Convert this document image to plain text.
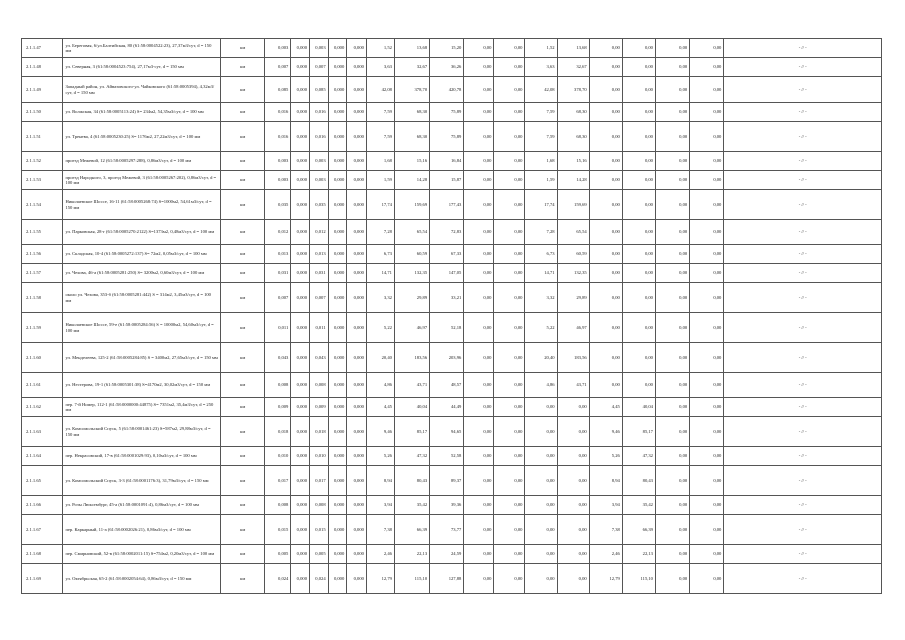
2.1.1.47	ул. Береговая, 6/ул.Балтийская, 80 (61:58:0004522:23), 27,37м3/сут, d = 150 мм	км	0,003	0,000	0,003	0,000	0,000	1,52	13,68	15,20	0,00	0,00	1,52	13,68	0,00	0,00	0,00	0,00	- // -
2.1.1.48	ул. Северная, 3 (61:58:0004523:754), 27,17м3-сут, d = 150 мм	км	0,007	0,000	0,007	0,000	0,000	3,63	32,67	36,26	0,00	0,00	3,63	32,67	0,00	0,00	0,00	0,00	- // -
2.1.1.49	Западный район, ул. Айвазовского-ул. Чайковского (61:58:0005394), 4,32м3/сут, d = 150 мм	км	0,085	0,000	0,085	0,000	0,000	42,08	378,70	420,78	0,00	0,00	42,08	378,70	0,00	0,00	0,00	0,00	- // -
2.1.1.50	ул. Волжская, 34 (61:58:0005113:24) S= 234м2, 54,35м3/сут, d = 100 мм	км	0,016	0,000	0,016	0,000	0,000	7,59	68,30	75,89	0,00	0,00	7,59	68,30	0,00	0,00	0,00	0,00	- // -
2.1.1.51	ул. Тренева, 4 (61:58:0005230:25) S= 1176м2, 27,22м3/сут, d = 100 мм	км	0,016	0,000	0,016	0,000	0,000	7,59	68,30	75,89	0,00	0,00	7,59	68,30	0,00	0,00	0,00	0,00	- // -
2.1.1.52	проезд Межевой, 12 (61:58:0005297:288), 0,86м3/сут, d = 100 мм	км	0,003	0,000	0,003	0,000	0,000	1,68	15,16	16,84	0,00	0,00	1,68	15,16	0,00	0,00	0,00	0,00	- // -
2.1.1.53	проезд Народного, 3, проезд Межевой, 3 (61:58:0005267:202), 0,86м3/сут, d = 100 мм	км	0,003	0,000	0,003	0,000	0,000	1,59	14,28	15,87	0,00	0,00	1,59	14,28	0,00	0,00	0,00	0,00	- // -
2.1.1.54	Николаевское Шоссе, 16-11 (61:58:0005268:74) S=1000м2, 54,61м3/сут, d = 150 мм	км	0,035	0,000	0,035	0,000	0,000	17,74	159,69	177,43	0,00	0,00	17,74	159,69	0,00	0,00	0,00	0,00	- // -
2.1.1.55	ул. Парковская, 28-г (61:58:0005270:2122) S=1373м2, 0,48м3/сут, d = 100 мм	км	0,012	0,000	0,012	0,000	0,000	7,28	65,54	72,83	0,00	0,00	7,28	65,54	0,00	0,00	0,00	0,00	- // -
2.1.1.56	ул. Складская, 10-4 (61:58:0005272:137) S= 72м2, 0,05м3/сут, d = 100 мм	км	0,013	0,000	0,013	0,000	0,000	6,73	60,59	67,33	0,00	0,00	6,73	60,59	0,00	0,00	0,00	0,00	- // -
2.1.1.57	ул. Чехова, 46-а (61:58:0005281:250) S= 3200м2, 0,60м3/сут, d = 100 мм	км	0,031	0,000	0,031	0,000	0,000	14,71	132,35	147,05	0,00	0,00	14,71	132,35	0,00	0,00	0,00	0,00	- // -
2.1.1.58	около ул. Чехова, 353-б (61:58:0005281:442) S = 314м2, 3,45м3/сут, d = 100 мм	км	0,007	0,000	0,007	0,000	0,000	3,32	29,89	33,21	0,00	0,00	3,32	29,89	0,00	0,00	0,00	0,00	- // -
2.1.1.59	Николаевское Шоссе, 59-е (61:58:0005284:56) S = 10000м2, 54,60м3/сут, d = 100 мм	км	0,011	0,000	0,011	0,000	0,000	5,22	46,97	52,18	0,00	0,00	5,22	46,97	0,00	0,00	0,00	0,00	- // -
2.1.1.60	ул. Менделеева, 125-2 (61:58:0005284:85) S = 3400м2, 27,65м3/сут, d = 150 мм	км	0,043	0,000	0,043	0,000	0,000	20,40	183,56	203,96	0,00	0,00	20,40	183,56	0,00	0,00	0,00	0,00	- // -
2.1.1.61	ул. Нестерова, 19-1 (61:58:0005301:38) S=4170м2, 30,02м3/сут, d = 150 мм	км	0,008	0,000	0,008	0,000	0,000	4,86	43,71	48,57	0,00	0,00	4,86	43,71	0,00	0,00	0,00	0,00	- // -
2.1.1.62	пер. 7-й Номер, 112-1 (61:58:0000000:44875) S= 7351м2, 35,4м3/сут, d = 250 мм	км	0,009	0,000	0,009	0,000	0,000	4,45	40,04	44,49	0,00	0,00	0,00	0,00	4,45	40,04	0,00	0,00	- // -
2.1.1.63	ул. Комсомольский Спуск, 5 (61:58:0001461:23) S=587м2, 29,88м3/сут, d = 150 мм	км	0,018	0,000	0,018	0,000	0,000	9,46	85,17	94,65	0,00	0,00	0,00	0,00	9,46	85,17	0,00	0,00	- // -
2.1.1.64	пер. Некрасовский, 17-в (61:58:0001029:93), 0,10м3/сут, d = 100 мм	км	0,010	0,000	0,010	0,000	0,000	5,26	47,32	52,58	0,00	0,00	0,00	0,00	5,26	47,32	0,00	0,00	- // -
2.1.1.65	ул. Комсомольский Спуск, 3-3 (61:58:0001176:3), 31,79м3/сут, d = 150 мм	км	0,017	0,000	0,017	0,000	0,000	8,94	80,43	89,37	0,00	0,00	0,00	0,00	8,94	80,43	0,00	0,00	- // -
2.1.1.66	ул. Розы Люксембург, 45-а (61:58:0001091:4), 0,86м3/сут, d = 100 мм	км	0,008	0,000	0,008	0,000	0,000	3,94	35,42	39,36	0,00	0,00	0,00	0,00	3,94	35,42	0,00	0,00	- // -
2.1.1.67	пер. Каркарный, 11-а (61:58:0002026:21), 0,86м3/сут, d = 100 мм	км	0,015	0,000	0,015	0,000	0,000	7,38	66,39	73,77	0,00	0,00	0,00	0,00	7,38	66,39	0,00	0,00	- // -
2.1.1.68	пер. Смирновский, 52-в (61:58:0002011:15) S=754м2, 0,20м3/сут, d = 100 мм	км	0,005	0,000	0,005	0,000	0,000	2,46	22,13	24,59	0,00	0,00	0,00	0,00	2,46	22,13	0,00	0,00	- // -
2.1.1.69	ул. Октябрьская, 65-2 (61:58:0002054:64), 0,86м3/сут, d = 150 мм	км	0,024	0,000	0,024	0,000	0,000	12,79	115,10	127,88	0,00	0,00	0,00	0,00	12,79	115,10	0,00	0,00	- // -
